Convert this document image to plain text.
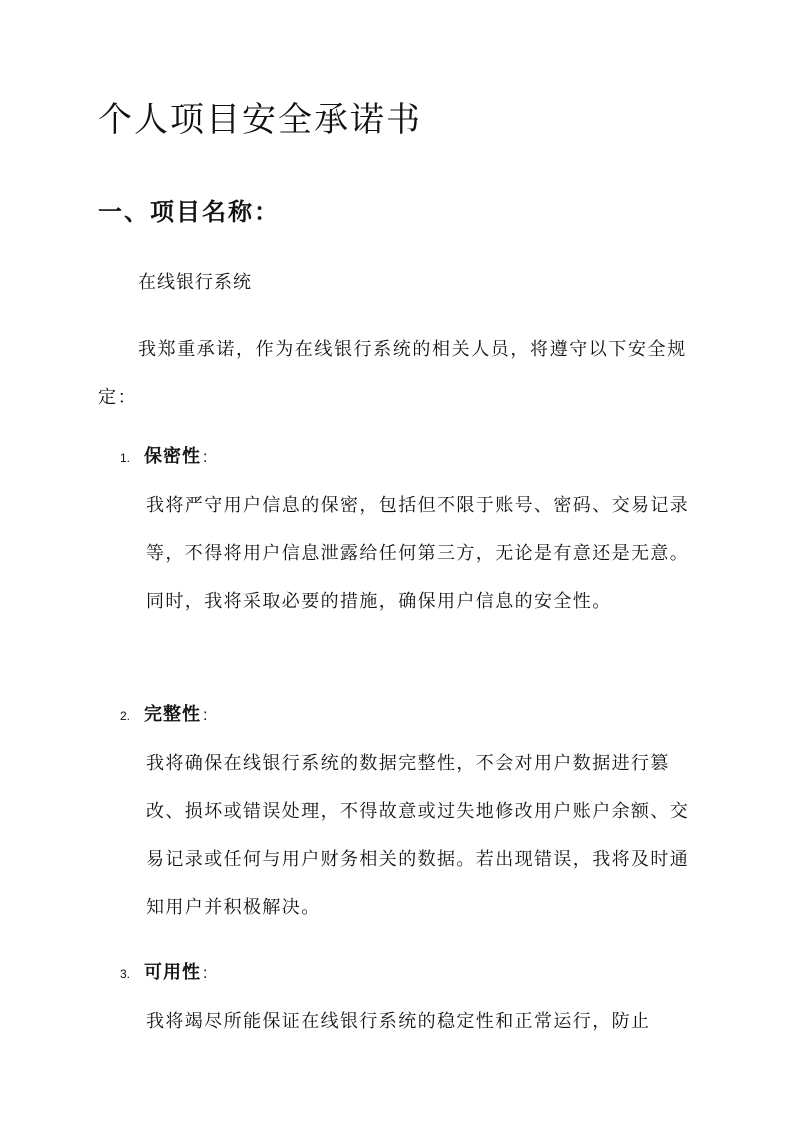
个人项目安全承诺书
一、项目名称：
在线银行系统
我郑重承诺，作为在线银行系统的相关人员，将遵守以下安全规定：
1. 保密性 :
我将严守用户信息的保密，包括但不限于账号、密码、交易记录等，不得将用户信息泄露给任何第三方，无论是有意还是无意。同时，我将采取必要的措施，确保用户信息的安全性。
2. 完整性 :
我将确保在线银行系统的数据完整性，不会对用户数据进行篡改、损坏或错误处理，不得故意或过失地修改用户账户余额、交易记录或任何与用户财务相关的数据。若出现错误，我将及时通知用户并积极解决。
3. 可用性 :
我将竭尽所能保证在线银行系统的稳定性和正常运行，防止
